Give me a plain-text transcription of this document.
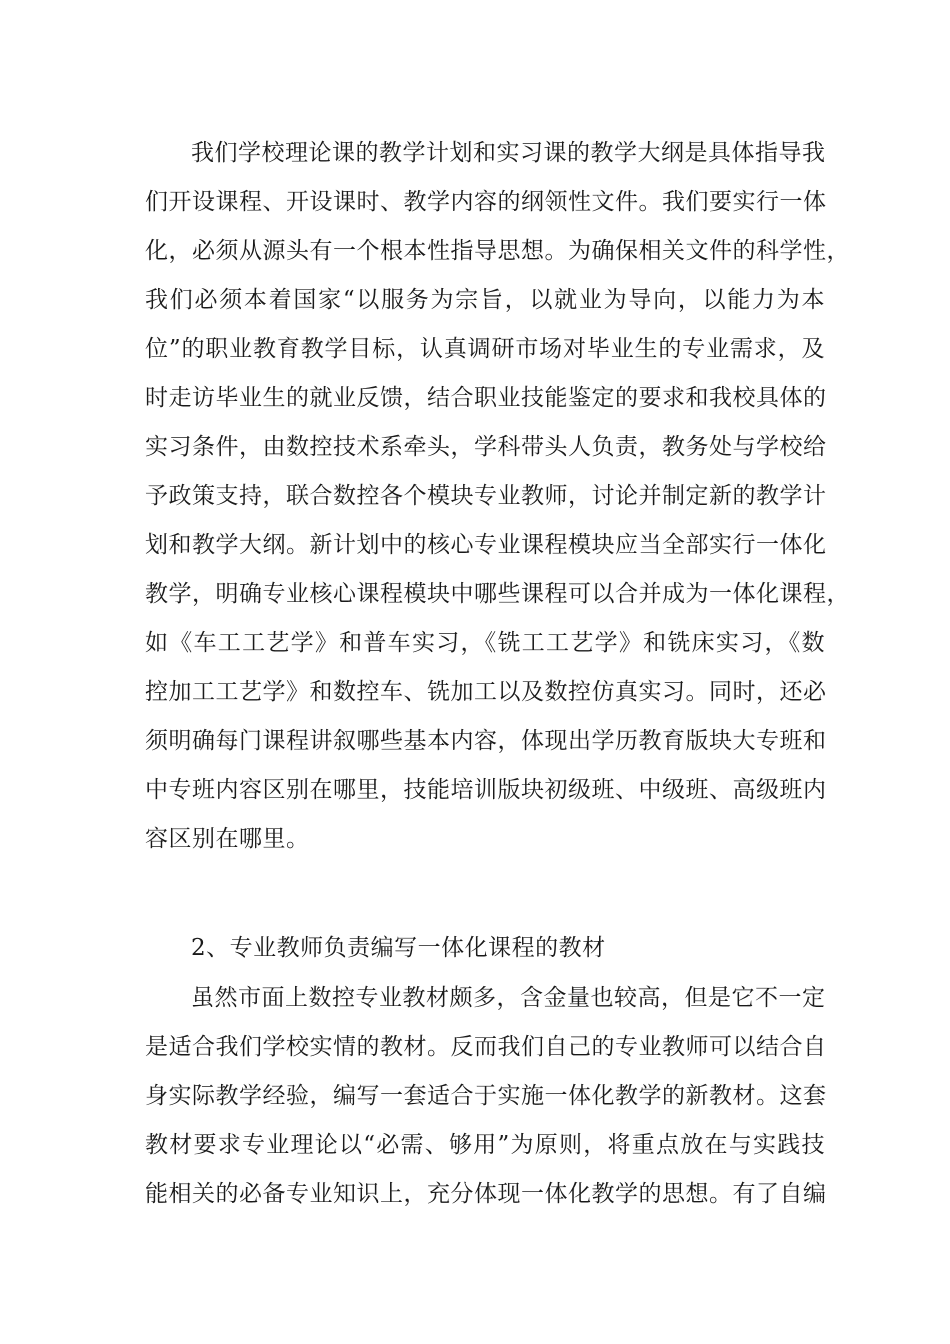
我们学校理论课的教学计划和实习课的教学大纲是具体指导我
们开设课程、开设课时、教学内容的纲领性文件。我们要实行一体
化，必须从源头有一个根本性指导思想。为确保相关文件的科学性，
我们必须本着国家“以服务为宗旨，以就业为导向，以能力为本
位”的职业教育教学目标，认真调研市场对毕业生的专业需求，及
时走访毕业生的就业反馈，结合职业技能鉴定的要求和我校具体的
实习条件，由数控技术系牵头，学科带头人负责，教务处与学校给
予政策支持，联合数控各个模块专业教师，讨论并制定新的教学计
划和教学大纲。新计划中的核心专业课程模块应当全部实行一体化
教学，明确专业核心课程模块中哪些课程可以合并成为一体化课程，
如《车工工艺学》和普车实习，《铣工工艺学》和铣床实习，《数
控加工工艺学》和数控车、铣加工以及数控仿真实习。同时，还必
须明确每门课程讲叙哪些基本内容，体现出学历教育版块大专班和
中专班内容区别在哪里，技能培训版块初级班、中级班、高级班内
容区别在哪里。
2、专业教师负责编写一体化课程的教材
虽然市面上数控专业教材颇多，含金量也较高，但是它不一定
是适合我们学校实情的教材。反而我们自己的专业教师可以结合自
身实际教学经验，编写一套适合于实施一体化教学的新教材。这套
教材要求专业理论以“必需、够用”为原则，将重点放在与实践技
能相关的必备专业知识上，充分体现一体化教学的思想。有了自编
